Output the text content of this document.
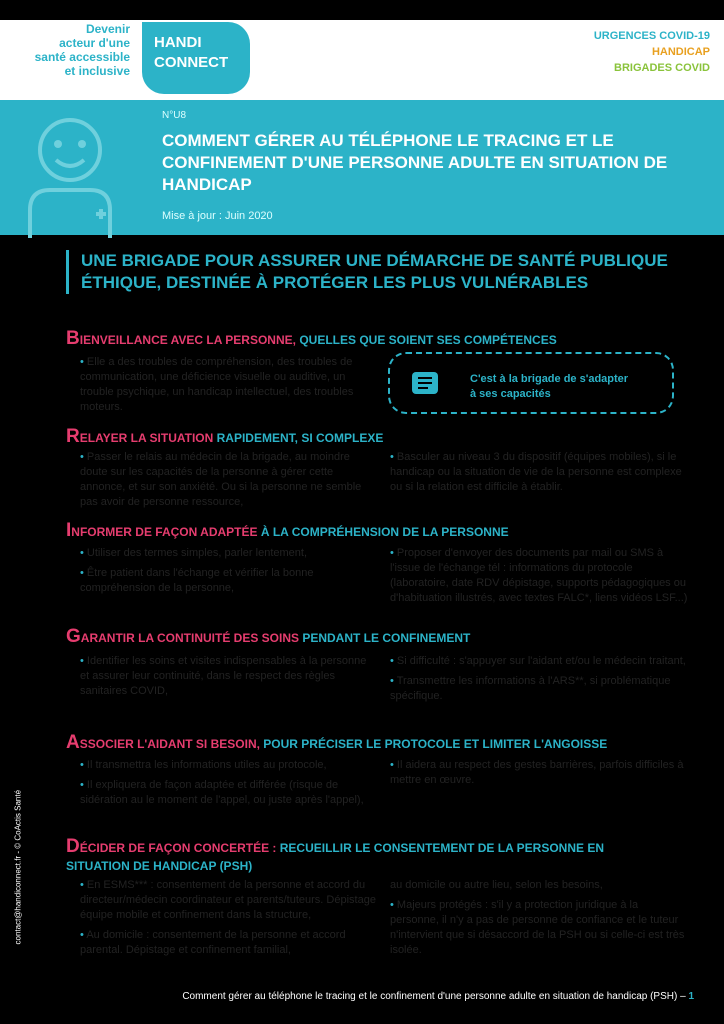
Devenir
acteur d'une
santé accessible
et inclusive
HANDI
CONNECT
URGENCES COVID-19
HANDICAP
BRIGADES COVID
N°U8
COMMENT GÉRER AU TÉLÉPHONE LE TRACING ET LE CONFINEMENT D'UNE PERSONNE ADULTE EN SITUATION DE HANDICAP
Mise à jour : Juin 2020
UNE BRIGADE POUR ASSURER UNE DÉMARCHE DE SANTÉ PUBLIQUE ÉTHIQUE, DESTINÉE À PROTÉGER LES PLUS VULNÉRABLES
C'est à la brigade de s'adapter
à ses capacités
BIENVEILLANCE AVEC LA PERSONNE, QUELLES QUE SOIENT SES COMPÉTENCES

• Elle a des troubles de compréhension, des troubles de communication, une déficience visuelle ou auditive, un trouble psychique, un handicap intellectuel, des troubles moteurs.

RELAYER LA SITUATION RAPIDEMENT, SI COMPLEXE

• Passer le relais au médecin de la brigade, au moindre doute sur les capacités de la personne à gérer cette annonce, et sur son anxiété. Ou si la personne ne semble pas avoir de personne ressource,

• Basculer au niveau 3 du dispositif (équipes mobiles), si le handicap ou la situation de vie de la personne est complexe ou si la relation est difficile à établir.

INFORMER DE FAÇON ADAPTÉE À LA COMPRÉHENSION DE LA PERSONNE

• Utiliser des termes simples, parler lentement,

• Être patient dans l'échange et vérifier la bonne compréhension de la personne,

• Proposer d'envoyer des documents par mail ou SMS à l'issue de l'échange tél : informations du protocole (laboratoire, date RDV dépistage, supports pédagogiques ou d'habituation illustrés, avec textes FALC*, liens vidéos LSF...)

GARANTIR LA CONTINUITÉ DES SOINS PENDANT LE CONFINEMENT

• Identifier les soins et visites indispensables à la personne et assurer leur continuité, dans le respect des règles sanitaires COVID,

• Si difficulté : s'appuyer sur l'aidant et/ou le médecin traitant,

• Transmettre les informations à l'ARS**, si problématique spécifique.

ASSOCIER L'AIDANT SI BESOIN, POUR PRÉCISER LE PROTOCOLE ET LIMITER L'ANGOISSE

• Il transmettra les informations utiles au protocole,

• Il expliquera de façon adaptée et différée (risque de sidération au le moment de l'appel, ou juste après l'appel),

• Il aidera au respect des gestes barrières, parfois difficiles à mettre en œuvre.

DÉCIDER DE FAÇON CONCERTÉE : RECUEILLIR LE CONSENTEMENT DE LA PERSONNE EN SITUATION DE HANDICAP (PSH)

• En ESMS*** : consentement de la personne et accord du directeur/médecin coordinateur et parents/tuteurs. Dépistage équipe mobile et confinement dans la structure,

• Au domicile : consentement de la personne et accord parental. Dépistage et confinement familial,

au domicile ou autre lieu, selon les besoins,

• Majeurs protégés : s'il y a protection juridique à la personne, il n'y a pas de personne de confiance et le tuteur n'intervient que si désaccord de la PSH ou si celle-ci est très isolée.

contact@handiconnect.fr - © CoActis Santé
Comment gérer au téléphone le tracing et le confinement d'une personne adulte en situation de handicap (PSH) – 1
